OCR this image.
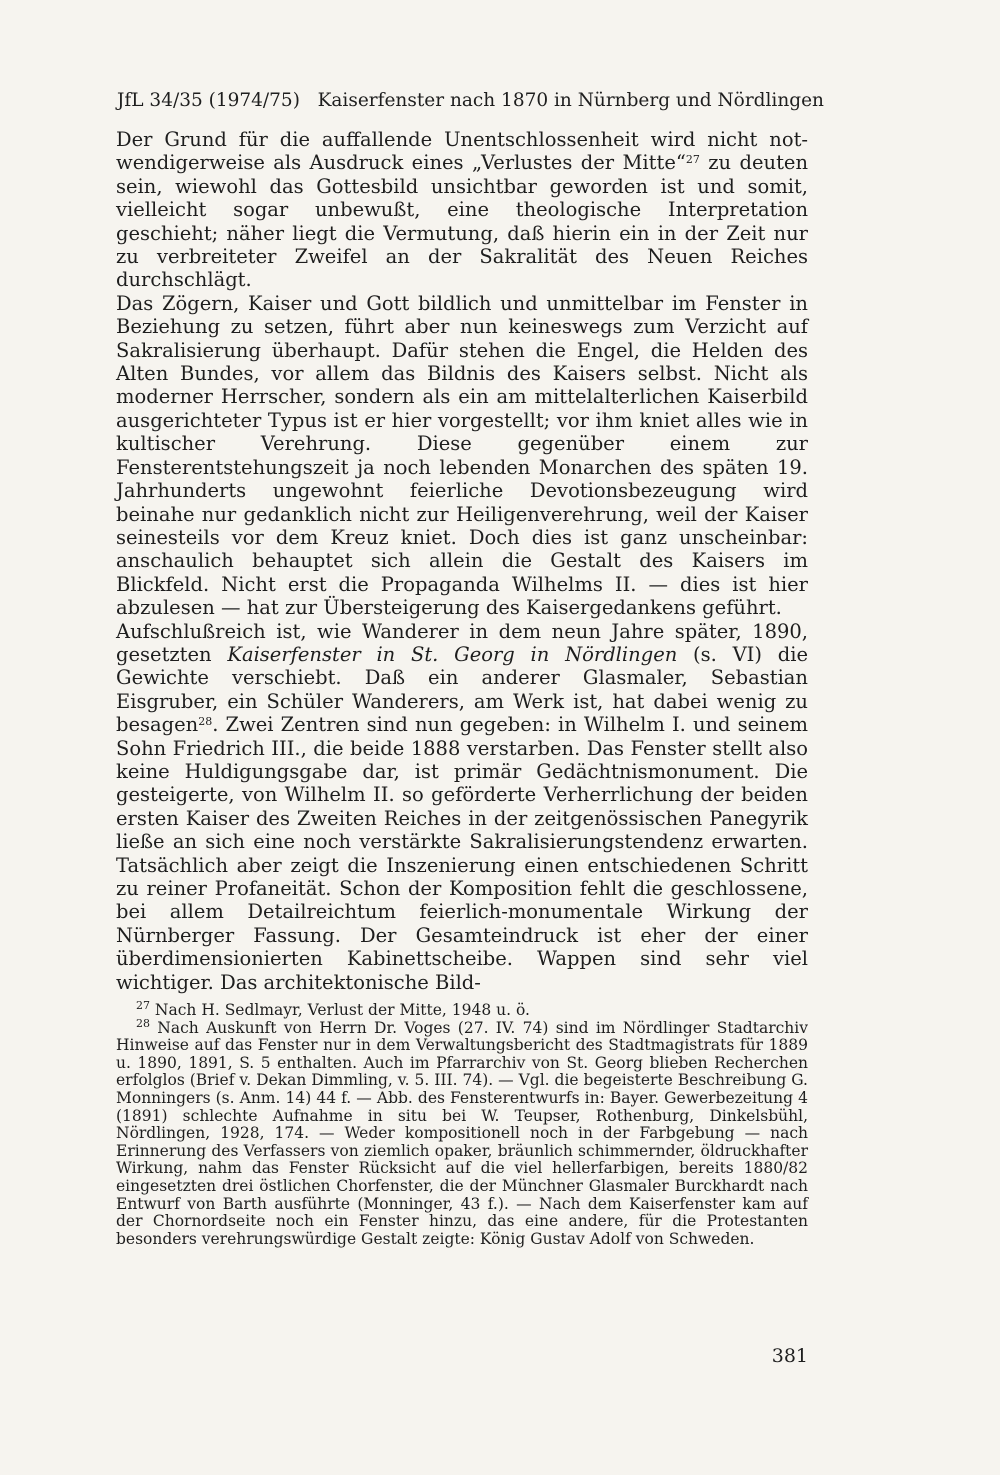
JfL 34/35 (1974/75) Kaiserfenster nach 1870 in Nürnberg und Nördlingen

Der Grund für die auffallende Unentschlossenheit wird nicht notwendigerweise als Ausdruck eines „Verlustes der Mitte“$^{27}$ zu deuten sein, wiewohl das Gottesbild unsichtbar geworden ist und somit, vielleicht sogar unbewußt, eine theologische Interpretation geschieht; näher liegt die Vermutung, daß hierin ein in der Zeit nur zu verbreiteter Zweifel an der Sakralität des Neuen Reiches durchschlägt.

Das Zögern, Kaiser und Gott bildlich und unmittelbar im Fenster in Beziehung zu setzen, führt aber nun keineswegs zum Verzicht auf Sakralisierung überhaupt. Dafür stehen die Engel, die Helden des Alten Bundes, vor allem das Bildnis des Kaisers selbst. Nicht als moderner Herrscher, sondern als ein am mittelalterlichen Kaiserbild ausgerichteter Typus ist er hier vorgestellt; vor ihm kniet alles wie in kultischer Verehrung. Diese gegenüber einem zur Fensterentstehungszeit ja noch lebenden Monarchen des späten 19. Jahrhunderts ungewohnt feierliche Devotionsbezeugung wird beinahe nur gedanklich nicht zur Heiligenverehrung, weil der Kaiser seinesteils vor dem Kreuz kniet. Doch dies ist ganz unscheinbar: anschaulich behauptet sich allein die Gestalt des Kaisers im Blickfeld. Nicht erst die Propaganda Wilhelms II. — dies ist hier abzulesen — hat zur Übersteigerung des Kaisergedankens geführt.

Aufschlußreich ist, wie Wanderer in dem neun Jahre später, 1890, gesetzten Kaiserfenster in St. Georg in Nördlingen (s. VI) die Gewichte verschiebt. Daß ein anderer Glasmaler, Sebastian Eisgruber, ein Schüler Wanderers, am Werk ist, hat dabei wenig zu besagen$^{28}$. Zwei Zentren sind nun gegeben: in Wilhelm I. und seinem Sohn Friedrich III., die beide 1888 verstarben. Das Fenster stellt also keine Huldigungsgabe dar, ist primär Gedächtnismonument. Die gesteigerte, von Wilhelm II. so geförderte Verherrlichung der beiden ersten Kaiser des Zweiten Reiches in der zeitgenössischen Panegyrik ließe an sich eine noch verstärkte Sakralisierungstendenz erwarten. Tatsächlich aber zeigt die Inszenierung einen entschiedenen Schritt zu reiner Profaneität. Schon der Komposition fehlt die geschlossene, bei allem Detailreichtum feierlich-monumentale Wirkung der Nürnberger Fassung. Der Gesamteindruck ist eher der einer überdimensionierten Kabinettscheibe. Wappen sind sehr viel wichtiger. Das architektonische Bild-

$^{27}$ Nach H. Sedlmayr, Verlust der Mitte, 1948 u. ö.

$^{28}$ Nach Auskunft von Herrn Dr. Voges (27. IV. 74) sind im Nördlinger Stadtarchiv Hinweise auf das Fenster nur in dem Verwaltungsbericht des Stadtmagistrats für 1889 u. 1890, 1891, S. 5 enthalten. Auch im Pfarrarchiv von St. Georg blieben Recherchen erfolglos (Brief v. Dekan Dimmling, v. 5. III. 74). — Vgl. die begeisterte Beschreibung G. Monningers (s. Anm. 14) 44 f. — Abb. des Fensterentwurfs in: Bayer. Gewerbezeitung 4 (1891) schlechte Aufnahme in situ bei W. Teupser, Rothenburg, Dinkelsbühl, Nördlingen, 1928, 174. — Weder kompositionell noch in der Farbgebung — nach Erinnerung des Verfassers von ziemlich opaker, bräunlich schimmernder, öldruckhafter Wirkung, nahm das Fenster Rücksicht auf die viel hellerfarbigen, bereits 1880/82 eingesetzten drei östlichen Chorfenster, die der Münchner Glasmaler Burckhardt nach Entwurf von Barth ausführte (Monninger, 43 f.). — Nach dem Kaiserfenster kam auf der Chornordseite noch ein Fenster hinzu, das eine andere, für die Protestanten besonders verehrungswürdige Gestalt zeigte: König Gustav Adolf von Schweden.

381
